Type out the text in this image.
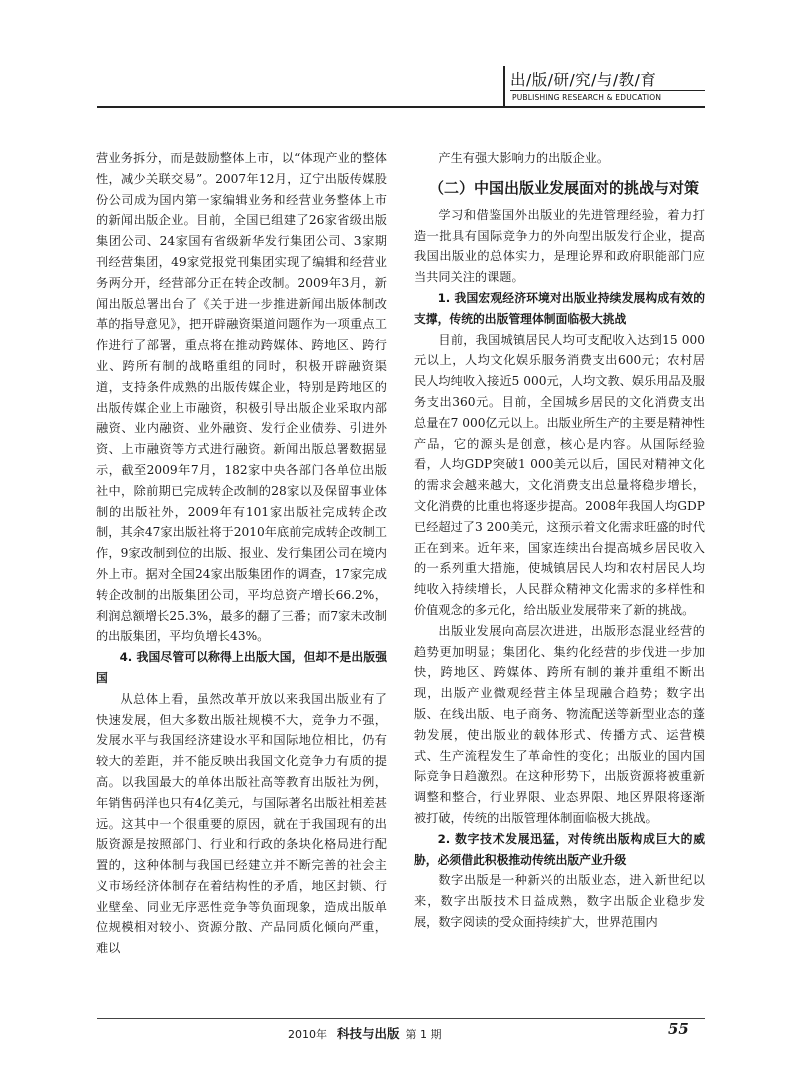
出/版/研/究/与/教/育
PUBLISHING RESEARCH & EDUCATION

营业务拆分，而是鼓励整体上市，以“体现产业的整体性，减少关联交易”。2007年12月，辽宁出版传媒股份公司成为国内第一家编辑业务和经营业务整体上市的新闻出版企业。目前，全国已组建了26家省级出版集团公司、24家国有省级新华发行集团公司、3家期刊经营集团，49家党报党刊集团实现了编辑和经营业务两分开，经营部分正在转企改制。2009年3月，新闻出版总署出台了《关于进一步推进新闻出版体制改革的指导意见》，把开辟融资渠道问题作为一项重点工作进行了部署，重点将在推动跨媒体、跨地区、跨行业、跨所有制的战略重组的同时，积极开辟融资渠道，支持条件成熟的出版传媒企业，特别是跨地区的出版传媒企业上市融资，积极引导出版企业采取内部融资、业内融资、业外融资、发行企业债券、引进外资、上市融资等方式进行融资。新闻出版总署数据显示，截至2009年7月，182家中央各部门各单位出版社中，除前期已完成转企改制的28家以及保留事业体制的出版社外，2009年有101家出版社完成转企改制，其余47家出版社将于2010年底前完成转企改制工作，9家改制到位的出版、报业、发行集团公司在境内外上市。据对全国24家出版集团作的调查，17家完成转企改制的出版集团公司，平均总资产增长66.2%，利润总额增长25.3%，最多的翻了三番；而7家未改制的出版集团，平均负增长43%。

4. 我国尽管可以称得上出版大国，但却不是出版强国

从总体上看，虽然改革开放以来我国出版业有了快速发展，但大多数出版社规模不大，竞争力不强，发展水平与我国经济建设水平和国际地位相比，仍有较大的差距，并不能反映出我国文化竞争力有质的提高。以我国最大的单体出版社高等教育出版社为例，年销售码洋也只有4亿美元，与国际著名出版社相差甚远。这其中一个很重要的原因，就在于我国现有的出版资源是按照部门、行业和行政的条块化格局进行配置的，这种体制与我国已经建立并不断完善的社会主义市场经济体制存在着结构性的矛盾，地区封锁、行业壁垒、同业无序恶性竞争等负面现象，造成出版单位规模相对较小、资源分散、产品同质化倾向严重，难以

产生有强大影响力的出版企业。

（二）中国出版业发展面对的挑战与对策

学习和借鉴国外出版业的先进管理经验，着力打造一批具有国际竞争力的外向型出版发行企业，提高我国出版业的总体实力，是理论界和政府职能部门应当共同关注的课题。

1. 我国宏观经济环境对出版业持续发展构成有效的支撑，传统的出版管理体制面临极大挑战

目前，我国城镇居民人均可支配收入达到15 000元以上，人均文化娱乐服务消费支出600元；农村居民人均纯收入接近5 000元，人均文教、娱乐用品及服务支出360元。目前，全国城乡居民的文化消费支出总量在7 000亿元以上。出版业所生产的主要是精神性产品，它的源头是创意，核心是内容。从国际经验看，人均GDP突破1 000美元以后，国民对精神文化的需求会越来越大，文化消费支出总量将稳步增长，文化消费的比重也将逐步提高。2008年我国人均GDP已经超过了3 200美元，这预示着文化需求旺盛的时代正在到来。近年来，国家连续出台提高城乡居民收入的一系列重大措施，使城镇居民人均和农村居民人均纯收入持续增长，人民群众精神文化需求的多样性和价值观念的多元化，给出版业发展带来了新的挑战。

出版业发展向高层次进进，出版形态混业经营的趋势更加明显；集团化、集约化经营的步伐进一步加快，跨地区、跨媒体、跨所有制的兼并重组不断出现，出版产业微观经营主体呈现融合趋势；数字出版、在线出版、电子商务、物流配送等新型业态的蓬勃发展，使出版业的载体形式、传播方式、运营模式、生产流程发生了革命性的变化；出版业的国内国际竞争日趋激烈。在这种形势下，出版资源将被重新调整和整合，行业界限、业态界限、地区界限将逐渐被打破，传统的出版管理体制面临极大挑战。

2. 数字技术发展迅猛，对传统出版构成巨大的威胁，必须借此积极推动传统出版产业升级

数字出版是一种新兴的出版业态，进入新世纪以来，数字出版技术日益成熟，数字出版企业稳步发展，数字阅读的受众面持续扩大，世界范围内

2010年 科技与出版 第 1 期	55
